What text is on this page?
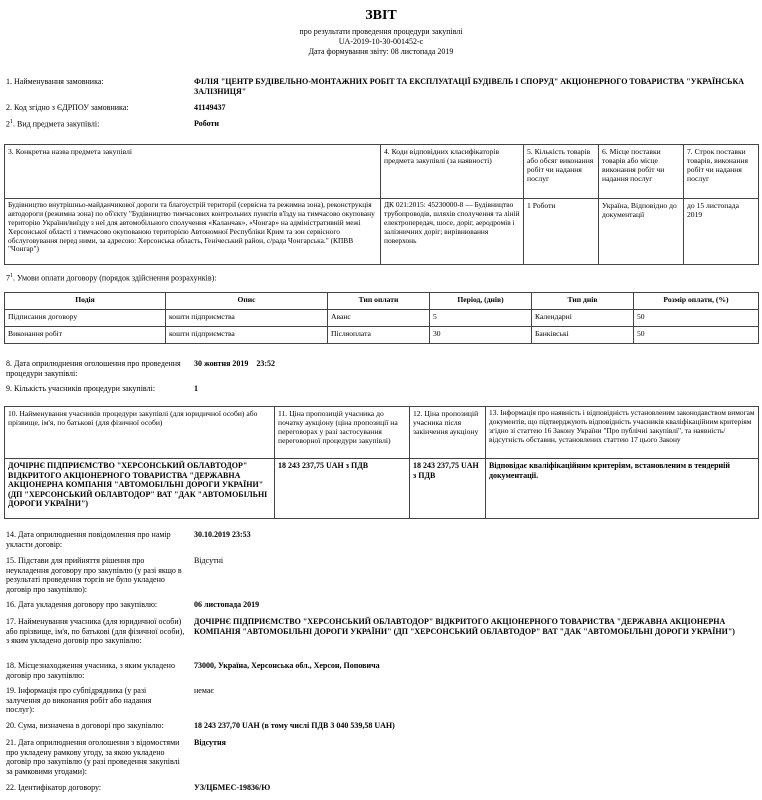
ЗВІТ
про результати проведення процедури закупівлі
UA-2019-10-30-001452-c
Дата формування звіту: 08 листопада 2019
1. Найменування замовника:	ФІЛІЯ "ЦЕНТР БУДІВЕЛЬНО-МОНТАЖНИХ РОБІТ ТА ЕКСПЛУАТАЦІЇ БУДІВЕЛЬ І СПОРУД" АКЦІОНЕРНОГО ТОВАРИСТВА "УКРАЇНСЬКА ЗАЛІЗНИЦЯ"
2. Код згідно з ЄДРПОУ замовника:	41149437
$2^1$. Вид предмета закупівлі:	Роботи
3. Конкретна назва предмета закупівлі	4. Коди відповідних класифікаторів предмета закупівлі (за наявності)	5. Кількість товарів або обсяг виконання робіт чи надання послуг	6. Місце поставки товарів або місце виконання робіт чи надання послуг	7. Строк поставки товарів, виконання робіт чи надання послуг
Будівництво внутрішньо-майданчикової дороги та благоустрій території (сервісна та режимна зона), реконструкція автодороги (режимна зона) по об'єкту "Будівництво тимчасових контрольних пунктів в'їзду на тимчасово окуповану територію України/виїзду з неї для автомобільного сполучення «Каланчак», «Чонгар» на адміністративній межі Херсонської області з тимчасово окупованою територією Автономної Республіки Крим та зон сервісного обслуговування перед ними, за адресою: Херсонська область, Генічеський район, с/рада Чонгарська." (КПВВ "Чонгар")	ДК 021:2015: 45230000-8 — Будівництво трубопроводів, шляхів сполучення та ліній електропередач, шосе, доріг, аеродромів і залізничних доріг; вирівнювання поверхонь	1 Роботи	Україна, Відповідно до документації	до 15 листопада 2019
$7^1$. Умови оплати договору (порядок здійснення розрахунків):
Подія	Опис	Тип оплати	Період, (днів)	Тип днів	Розмір оплати, (%)
Підписання договору	кошти підприємства	Аванс	5	Календарні	50
Виконання робіт	кошти підприємства	Післяоплата	30	Банківські	50
8. Дата оприлюднення оголошення про проведення процедури закупівлі:
30 жовтня 2019    23:52
9. Кількість учасників процедури закупівлі:	1
10. Найменування учасників процедури закупівлі (для юридичної особи) або прізвище, ім'я, по батькові (для фізичної особи)	11. Ціна пропозицій учасника до початку аукціону (ціна пропозиції на переговорах у разі застосування переговорної процедури закупівлі)	12. Ціна пропозицій учасника після закінчення аукціону	13. Інформація про наявність і відповідність установленим законодавством вимогам документів, що підтверджують відповідність учасників кваліфікаційним критеріям згідно зі статтею 16 Закону України "Про публічні закупівлі", та наявність/відсутність обставин, установлених статтею 17 цього Закону
ДОЧІРНЄ ПІДПРИЄМСТВО "ХЕРСОНСЬКИЙ ОБЛАВТОДОР" ВІДКРИТОГО АКЦІОНЕРНОГО ТОВАРИСТВА "ДЕРЖАВНА АКЦІОНЕРНА КОМПАНІЯ "АВТОМОБІЛЬНІ ДОРОГИ УКРАЇНИ" (ДП "ХЕРСОНСЬКИЙ ОБЛАВТОДОР" ВАТ "ДАК "АВТОМОБІЛЬНІ ДОРОГИ УКРАЇНИ")	18 243 237,75 UAH з ПДВ	18 243 237,75 UAH з ПДВ	Відповідає кваліфікаційним критеріям, встановленим в тендерній документації.
14. Дата оприлюднення повідомлення про намір укласти договір:
30.10.2019 23:53
15. Підстави для прийняття рішення про неукладення договору про закупівлю (у разі якщо в результаті проведення торгів не було укладено договір про закупівлю):
Відсутні
16. Дата укладення договору про закупівлю:	06 листопада 2019
17. Найменування учасника (для юридичної особи) або прізвище, ім'я, по батькові (для фізичної особи), з яким укладено договір про закупівлю:
ДОЧІРНЄ ПІДПРИЄМСТВО "ХЕРСОНСЬКИЙ ОБЛАВТОДОР" ВІДКРИТОГО АКЦІОНЕРНОГО ТОВАРИСТВА "ДЕРЖАВНА АКЦІОНЕРНА КОМПАНІЯ "АВТОМОБІЛЬНІ ДОРОГИ УКРАЇНИ" (ДП "ХЕРСОНСЬКИЙ ОБЛАВТОДОР" ВАТ "ДАК "АВТОМОБІЛЬНІ ДОРОГИ УКРАЇНИ")
18. Місцезнаходження учасника, з яким укладено договір про закупівлю:
73000, Україна, Херсонська обл., Херсон, Поповича
19. Інформація про субпідрядника (у разі залучення до виконання робіт або надання послуг):
немає
20. Сума, визначена в договорі про закупівлю:	18 243 237,70 UAH (в тому числі ПДВ 3 040 539,58 UAH)
21. Дата оприлюднення оголошення з відомостями про укладену рамкову угоду, за якою укладено договір про закупівлю (у разі проведення закупівлі за рамковими угодами):
Відсутня
22. Ідентифікатор договору:	УЗ/ЦБМЕС-19836/Ю
